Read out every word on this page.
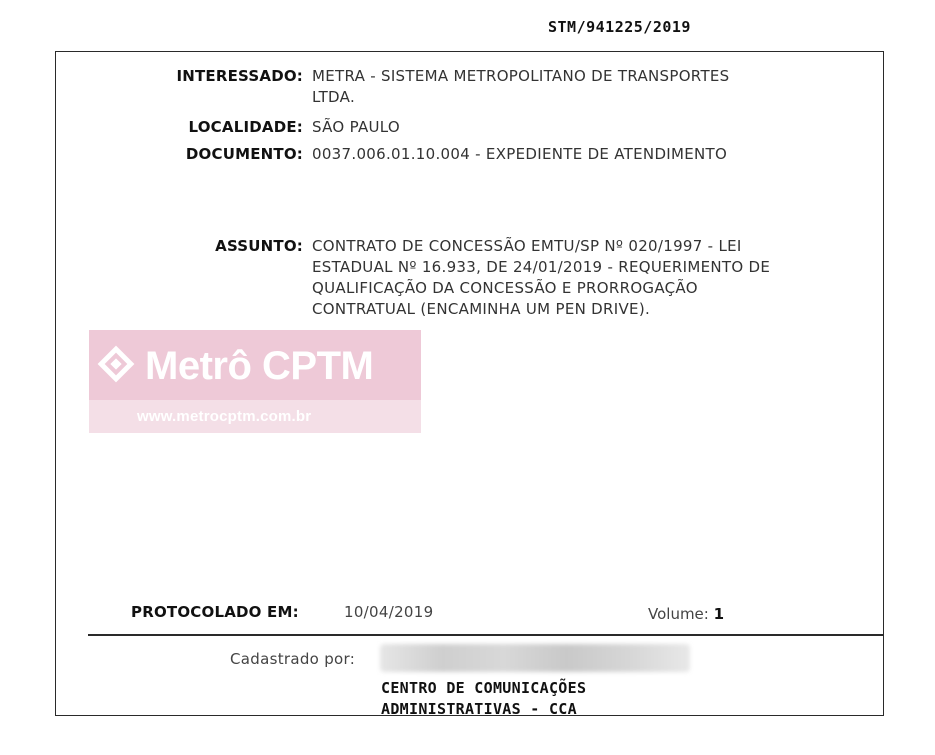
STM/941225/2019
INTERESSADO: METRA - SISTEMA METROPOLITANO DE TRANSPORTES
LTDA.
LOCALIDADE: SÃO PAULO
DOCUMENTO: 0037.006.01.10.004 - EXPEDIENTE DE ATENDIMENTO
ASSUNTO: CONTRATO DE CONCESSÃO EMTU/SP Nº 020/1997 - LEI
ESTADUAL Nº 16.933, DE 24/01/2019 - REQUERIMENTO DE
QUALIFICAÇÃO DA CONCESSÃO E PRORROGAÇÃO
CONTRATUAL (ENCAMINHA UM PEN DRIVE).
Metrô CPTM
www.metrocptm.com.br
PROTOCOLADO EM:	10/04/2019	Volume: 1
Cadastrado por:
CENTRO DE COMUNICAÇÕES
ADMINISTRATIVAS - CCA
